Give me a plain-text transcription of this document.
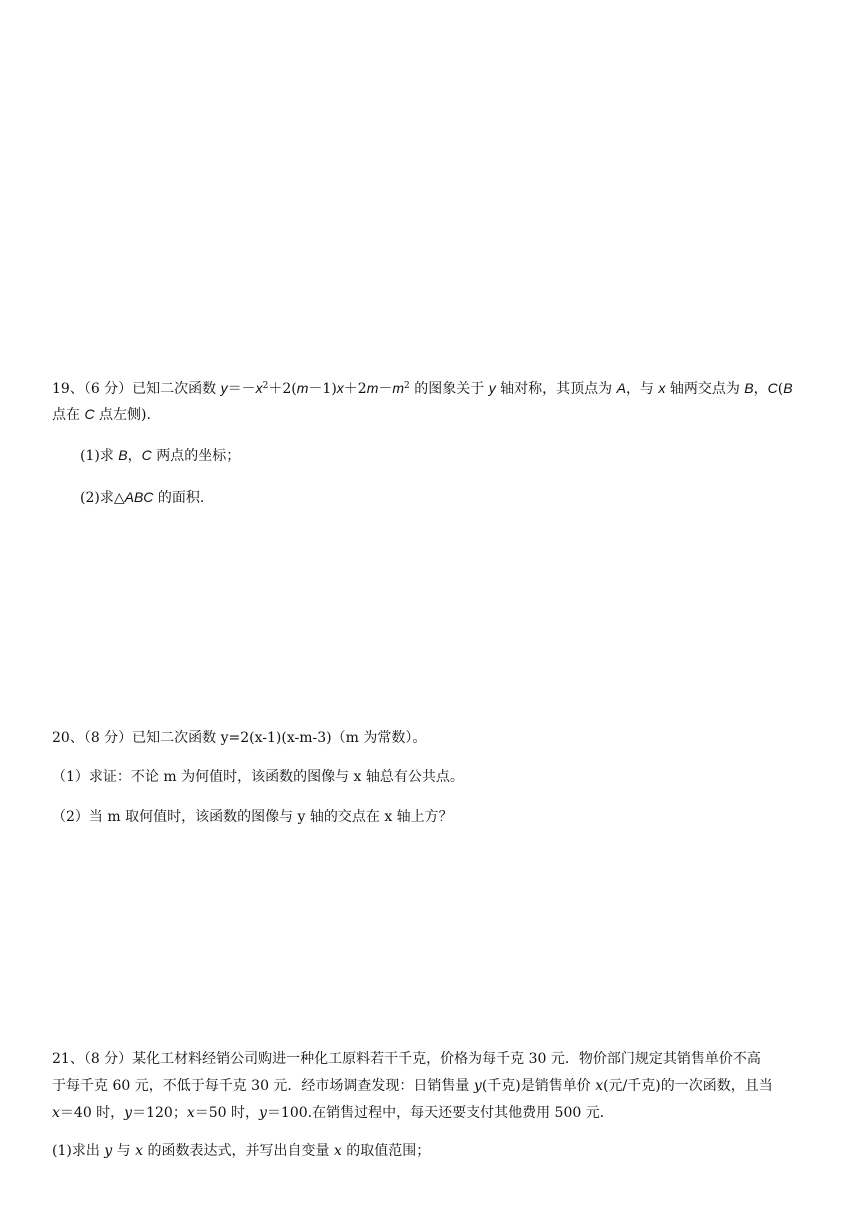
19、（6 分）已知二次函数 $y=-x^2+2(m-1)x+2m-m^2$ 的图象关于 y 轴对称，其顶点为 A，与 x 轴两交点为 B，C(B
点在 C 点左侧).
(1)求 B，C 两点的坐标；
(2)求△ABC 的面积.
20、（8 分）已知二次函数 y=2(x-1)(x-m-3)（m 为常数）。
（1）求证：不论 m 为何值时，该函数的图像与 x 轴总有公共点。
（2）当 m 取何值时，该函数的图像与 y 轴的交点在 x 轴上方？
21、（8 分）某化工材料经销公司购进一种化工原料若干千克，价格为每千克 30 元．物价部门规定其销售单价不高
于每千克 60 元，不低于每千克 30 元．经市场调查发现：日销售量 y(千克)是销售单价 x(元/千克)的一次函数，且当
x＝40 时，y＝120；x＝50 时，y＝100.在销售过程中，每天还要支付其他费用 500 元．
(1)求出 y 与 x 的函数表达式，并写出自变量 x 的取值范围；
